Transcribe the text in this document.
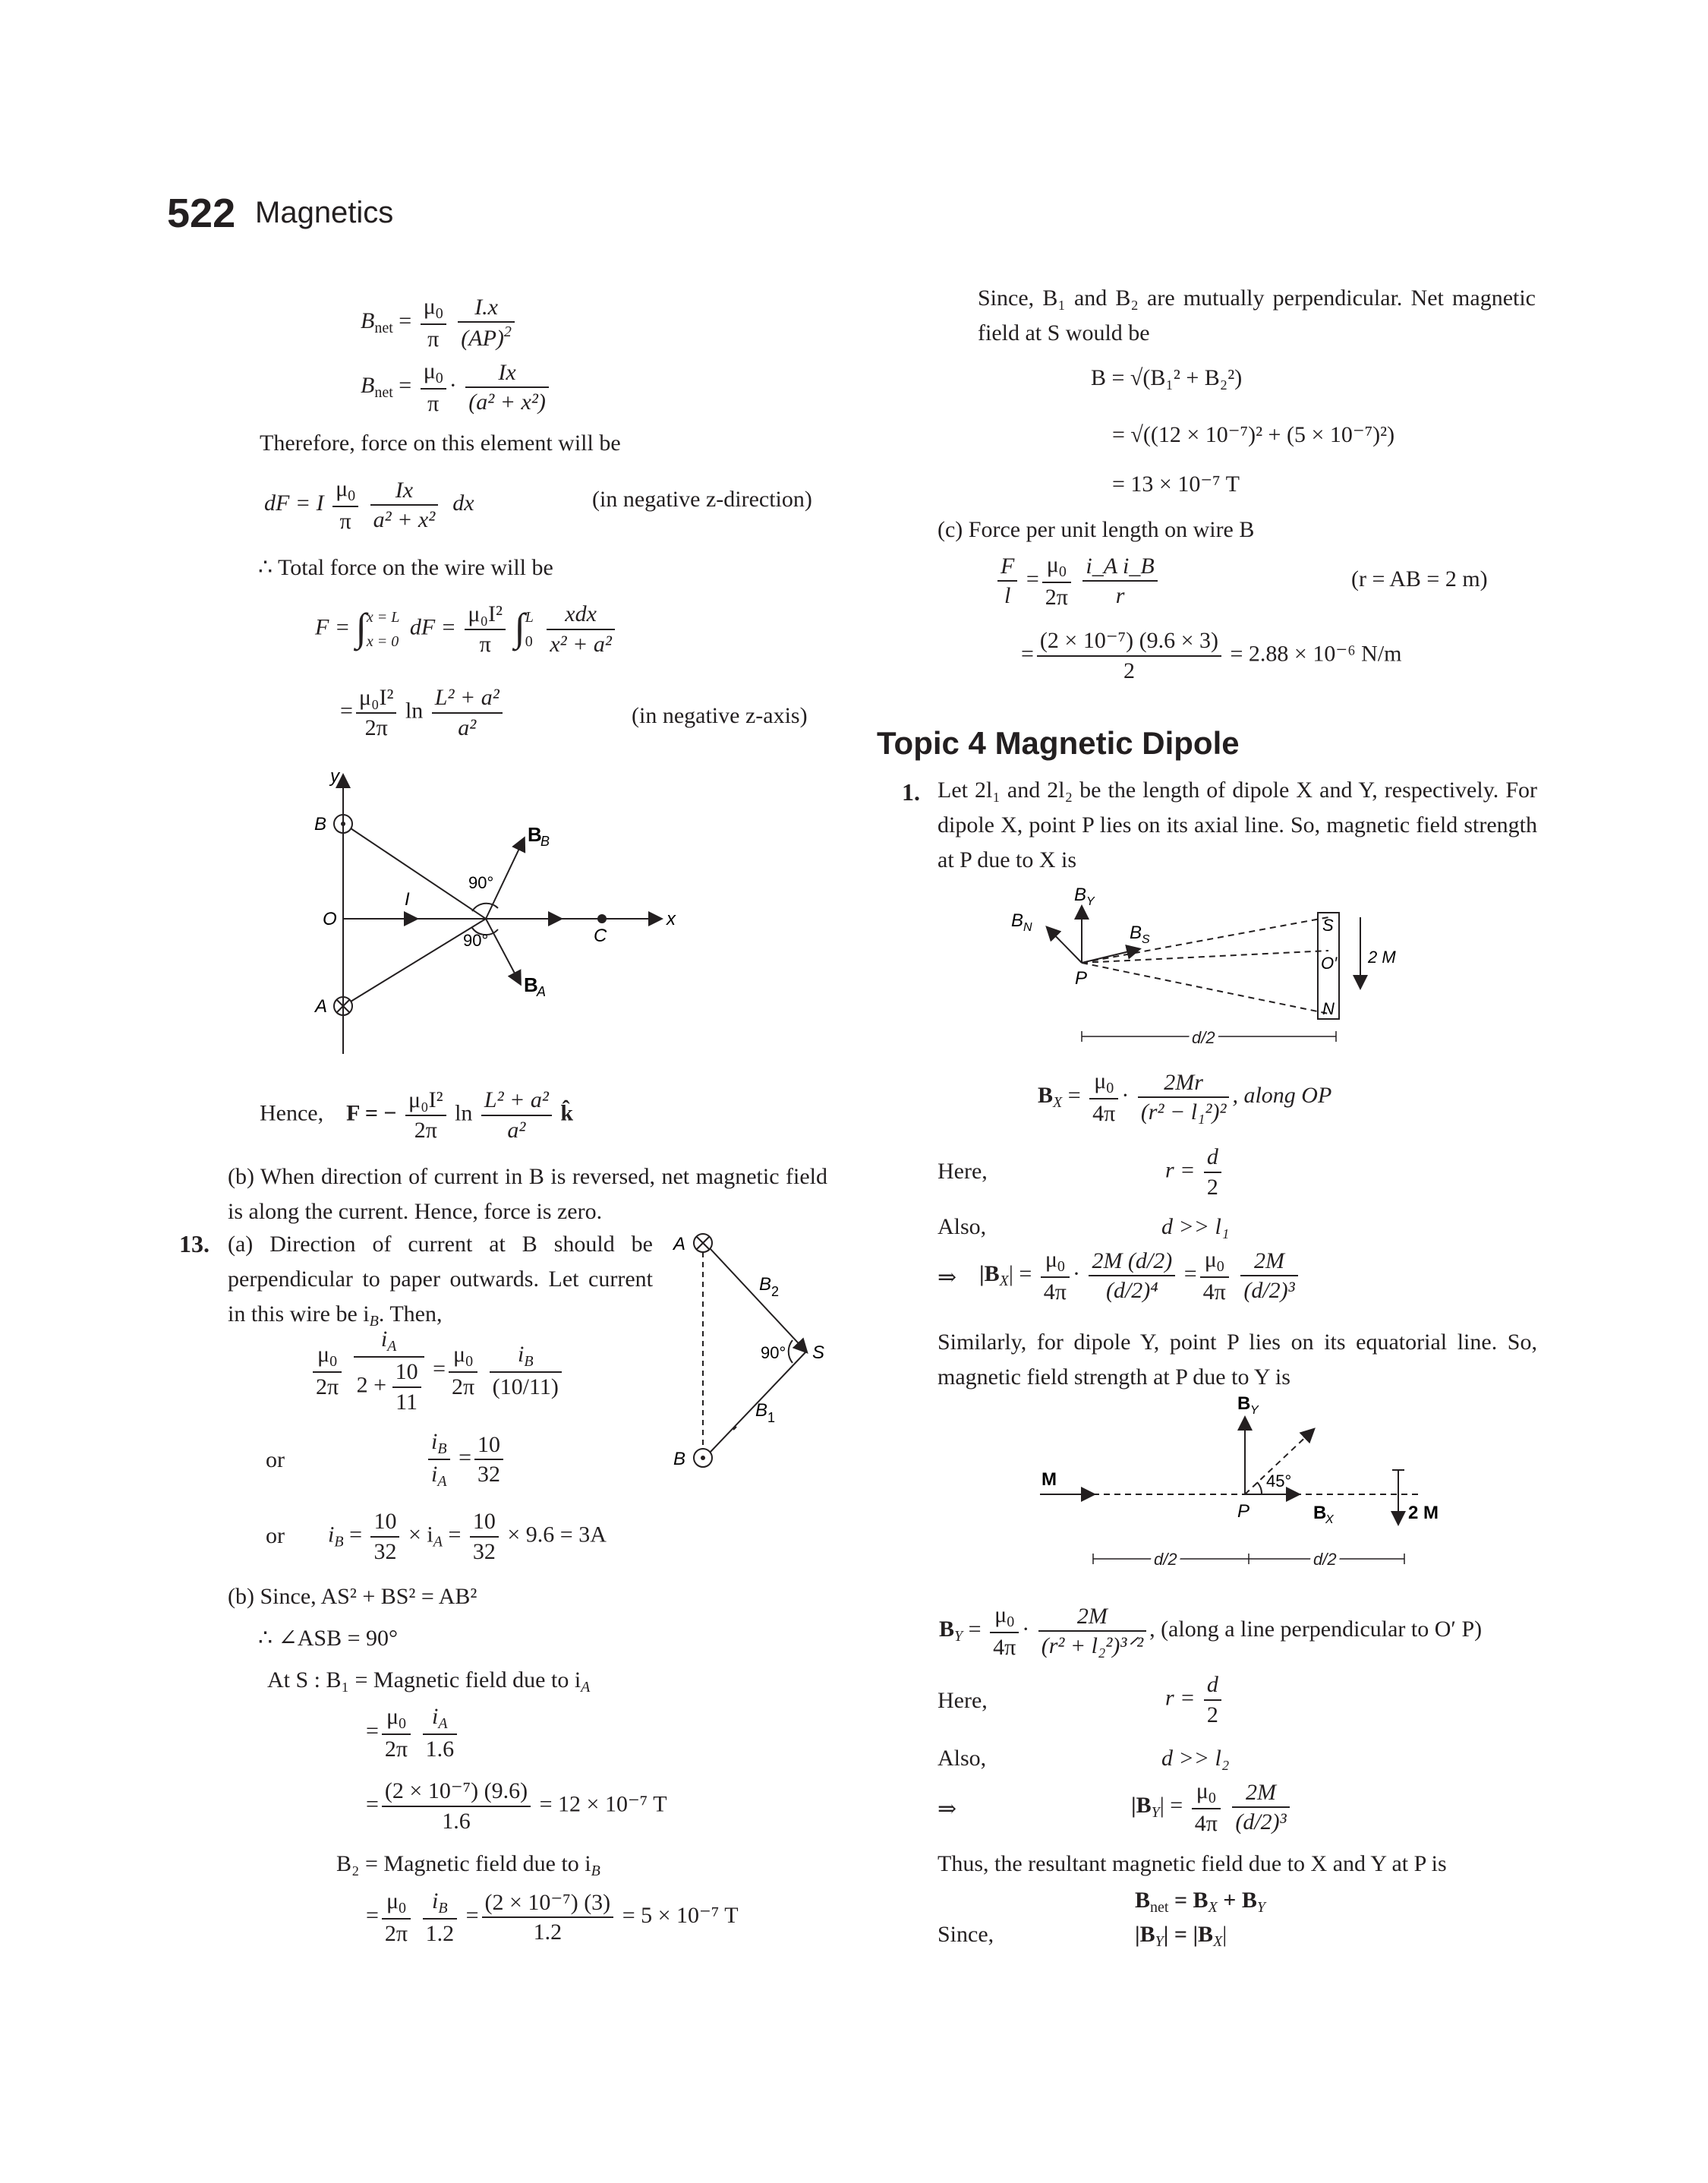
522 Magnetics
$B_{net} = \frac{\mu_0}{\pi}$
$\frac{I.x}{(AP)^2}$
$B_{net} = \frac{\mu_0}{\pi} \cdot \frac{Ix}{\text{(a² + x²)}}$
Therefore, force on this element will be
dF = I $\frac{\mu_0}{\pi}$
$\frac{Ix}{\text{a² + x²}}$ dx	(in negative z-direction)
∴ Total force on the wire will be
F = ∫ x = L
x = 0
dF = $\frac{\text{μ₀I²}}{\pi}$ ∫ L
0

xdx
x² + a²
= $\frac{\text{μ₀I²}}{2\pi}$ $\ln \frac{\text{L² + a²}}{\text{a²}}$	(in negative z-axis)
y
x
B
O
A
C
I
B
B
B
A
90°
90°
Hence, F = − $\frac{\text{μ₀I²}}{2\pi}$ $\ln \frac{\text{L² + a²}}{\text{a²}}$ k̂
(b) When direction of current in B is reversed, net magnetic field is along the current. Hence, force is zero.
13. (a) Direction of current at B should be perpendicular to paper outwards. Let current in this wire be $i_B$. Then,
A
B
S
B 2
B 1
90°
$\frac{\mu_0}{2\pi}$
$\frac{i_A}{2 + \frac{10}{11}} = \frac{\mu_0}{2\pi}$
$\frac{i_B}{(10/11)}$
or	$\frac{i_B}{i_A} = \frac{10}{32}$
or $i_B = \frac{10}{32} \times i_A = \frac{10}{32} \times 9.6 = 3A$
(b) Since, AS² + BS² = AB²
∴ ∠ASB = 90°
At S : B₁ = Magnetic field due to $i_A$
= $\frac{\mu_0}{2\pi}$
$\frac{i_A}{1.6}$
= $\frac{\text{(2 × 10⁻⁷) (9.6)}}{1.6} = 12 \times 10^{-7}$ T
B₂ = Magnetic field due to $i_B$
= $\frac{\mu_0}{2\pi}$
$\frac{i_B}{1.2} = \frac{\text{(2 × 10⁻⁷) (3)}}{1.2} = 5 \times 10^{-7}$ T
Since, B₁ and B₂ are mutually perpendicular. Net magnetic field at S would be
B = √(B₁² + B₂²)
= √((12 × 10⁻⁷)² + (5 × 10⁻⁷)²)
= 13 × 10⁻⁷ T
(c) Force per unit length on wire B
$\frac{F}{l} = \frac{\mu_0}{2\pi}$
$\frac{\text{i\_A i\_B}}{r}$	(r = AB = 2 m)
= $\frac{\text{(2 × 10⁻⁷) (9.6 × 3)}}{2} = 2.88 \times 10^{-6}$ N/m
Topic 4 Magnetic Dipole
1. Let 2l₁ and 2l₂ be the length of dipole X and Y, respectively. For dipole X, point P lies on its axial line. So, magnetic field strength at P due to X is
B Y
B N	B S
P
S
O′
N
2 M
d/2
$B_X = \frac{\mu_0}{4\pi} \cdot \frac{2Mr}{\text{(r² − l₁²)²}}$ , along OP
Here,	$r = \frac{d}{2}$
Also,	d >> l₁
⇒ $|B_X| = \frac{\mu_0}{4\pi} \cdot \frac{2M (d/2)}{\text{(d/2)⁴}} = \frac{\mu_0}{4\pi}$
$\frac{2M}{\text{(d/2)³}}$
Similarly, for dipole Y, point P lies on its equatorial line. So, magnetic field strength at P due to Y is
B Y
M	45°
P	B
X	2 M
d/2	d/2
$B_Y = \frac{\mu_0}{4\pi}$ ·
2M
(r² + l₂²)³ᐟ²
, (along a line perpendicular to O′ P)
Here,	$r = \frac{d}{2}$
Also,	d >> l₂
⇒	$|B_Y| = \frac{\mu_0}{4\pi}$
$\frac{2M}{\text{(d/2)³}}$
Thus, the resultant magnetic field due to X and Y at P is
$B_{net} = B_X + B_Y$
Since,	$|B_Y| = |B_X|$
